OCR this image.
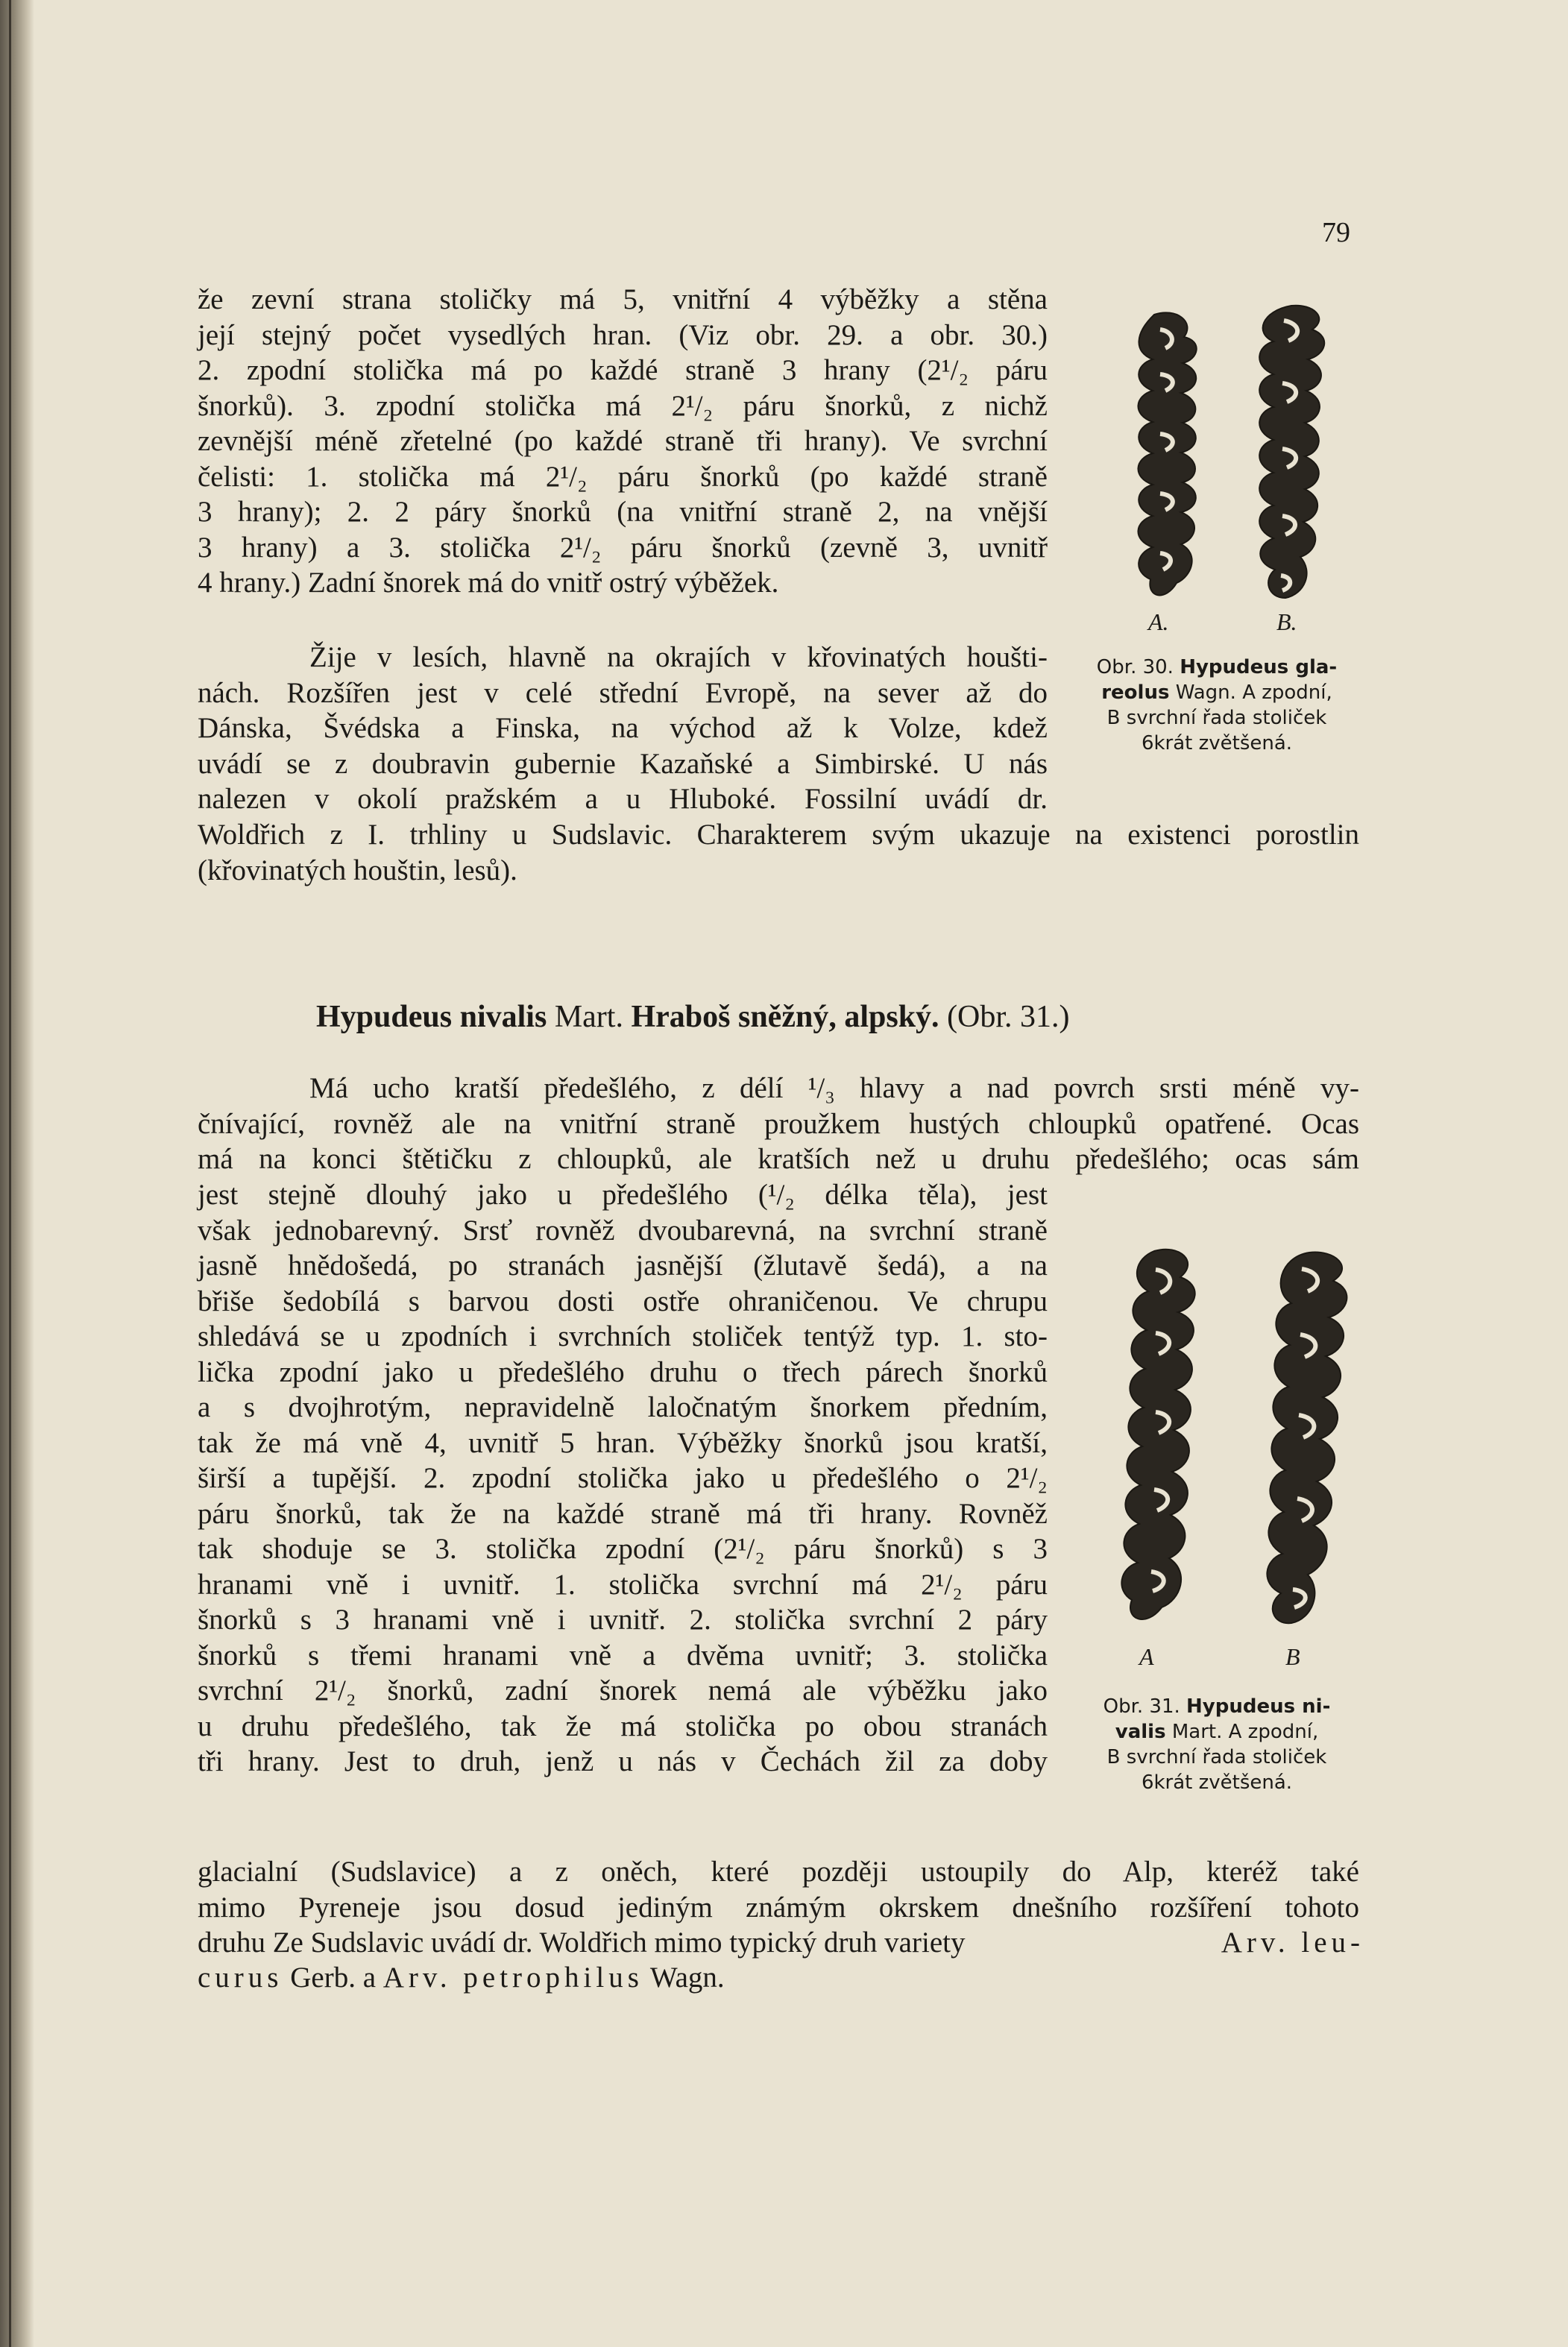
79
že zevní strana stoličky má 5, vnitřní 4 výběžky a stěna
její stejný počet vysedlých hran. (Viz obr. 29. a obr. 30.)
2. zpodní stolička má po každé straně 3 hrany (2¹/₂ páru
šnorků). 3. zpodní stolička má 2¹/₂ páru šnorků, z nichž
zevnější méně zřetelné (po každé straně tři hrany). Ve svrchní
čelisti: 1. stolička má 2¹/₂ páru šnorků (po každé straně
3 hrany); 2. 2 páry šnorků (na vnitřní straně 2, na vnější
3 hrany) a 3. stolička 2¹/₂ páru šnorků (zevně 3, uvnitř
4 hrany.) Zadní šnorek má do vnitř ostrý výběžek.
Žije v lesích, hlavně na okrajích v křovinatých houšti-
nách. Rozšířen jest v celé střední Evropě, na sever až do
Dánska, Švédska a Finska, na východ až k Volze, kdež
uvádí se z doubravin gubernie Kazaňské a Simbirské. U nás
nalezen v okolí pražském a u Hluboké. Fossilní uvádí dr.
Woldřich z I. trhliny u Sudslavic. Charakterem svým ukazuje na existenci porostlin
(křovinatých houštin, lesů).
A.	B.
Obr. 30. Hypudeus gla-
reolus Wagn. A zpodní,
B svrchní řada stoliček
6krát zvětšená.
Hypudeus nivalis Mart. Hraboš sněžný, alpský. (Obr. 31.)
Má ucho kratší předešlého, z délí ¹/₃ hlavy a nad povrch srsti méně vy-
čnívající, rovněž ale na vnitřní straně proužkem hustých chloupků opatřené. Ocas
má na konci štětičku z chloupků, ale kratších než u druhu předešlého; ocas sám
jest stejně dlouhý jako u předešlého (¹/₂ délka těla), jest
však jednobarevný. Srsť rovněž dvoubarevná, na svrchní straně
jasně hnědošedá, po stranách jasnější (žlutavě šedá), a na
břiše šedobílá s barvou dosti ostře ohraničenou. Ve chrupu
shledává se u zpodních i svrchních stoliček tentýž typ. 1. sto-
lička zpodní jako u předešlého druhu o třech párech šnorků
a s dvojhrotým, nepravidelně laločnatým šnorkem předním,
tak že má vně 4, uvnitř 5 hran. Výběžky šnorků jsou kratší,
širší a tupější. 2. zpodní stolička jako u předešlého o 2¹/₂
páru šnorků, tak že na každé straně má tři hrany. Rovněž
tak shoduje se 3. stolička zpodní (2¹/₂ páru šnorků) s 3
hranami vně i uvnitř. 1. stolička svrchní má 2¹/₂ páru
šnorků s 3 hranami vně i uvnitř. 2. stolička svrchní 2 páry
šnorků s třemi hranami vně a dvěma uvnitř; 3. stolička
svrchní 2¹/₂ šnorků, zadní šnorek nemá ale výběžku jako
u druhu předešlého, tak že má stolička po obou stranách
tři hrany. Jest to druh, jenž u nás v Čechách žil za doby
glacialní (Sudslavice) a z oněch, které později ustoupily do Alp, kteréž také
mimo Pyreneje jsou dosud jediným známým okrskem dnešního rozšíření tohoto
druhu Ze Sudslavic uvádí dr. Woldřich mimo typický druh variety
curus Gerb. a Arv. petrophilus Wagn.
Arv. leu-
A	B
Obr. 31. Hypudeus ni-
valis Mart. A zpodní,
B svrchní řada stoliček
6krát zvětšená.
